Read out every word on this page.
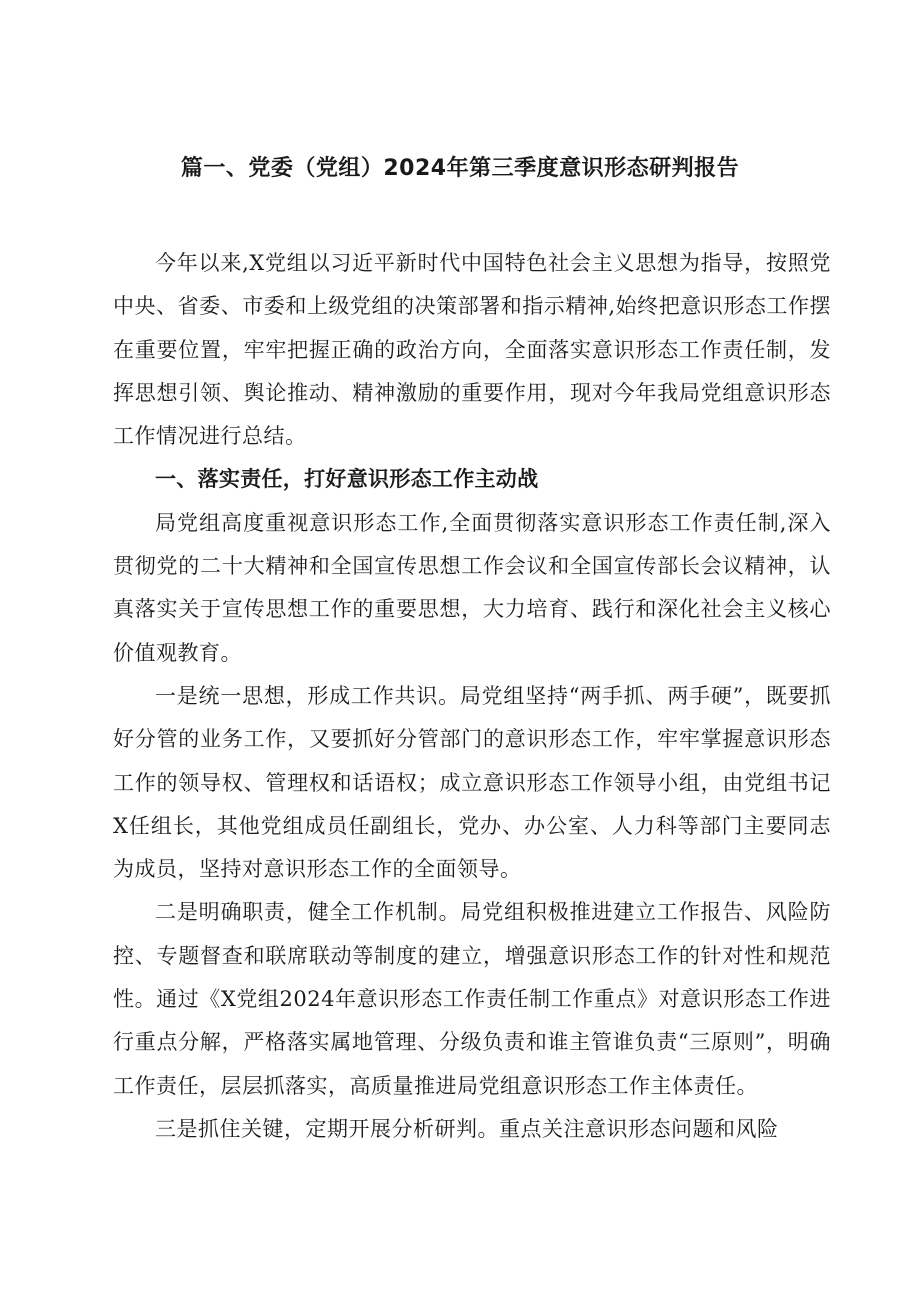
篇一、党委（党组）2024年第三季度意识形态研判报告

今年以来,X党组以习近平新时代中国特色社会主义思想为指导，按照党中央、省委、市委和上级党组的决策部署和指示精神,始终把意识形态工作摆在重要位置，牢牢把握正确的政治方向，全面落实意识形态工作责任制，发挥思想引领、舆论推动、精神激励的重要作用，现对今年我局党组意识形态工作情况进行总结。

一、落实责任，打好意识形态工作主动战

局党组高度重视意识形态工作,全面贯彻落实意识形态工作责任制,深入贯彻党的二十大精神和全国宣传思想工作会议和全国宣传部长会议精神，认真落实关于宣传思想工作的重要思想，大力培育、践行和深化社会主义核心价值观教育。

一是统一思想，形成工作共识。局党组坚持“两手抓、两手硬”，既要抓好分管的业务工作，又要抓好分管部门的意识形态工作，牢牢掌握意识形态工作的领导权、管理权和话语权；成立意识形态工作领导小组，由党组书记X任组长，其他党组成员任副组长，党办、办公室、人力科等部门主要同志为成员，坚持对意识形态工作的全面领导。

二是明确职责，健全工作机制。局党组积极推进建立工作报告、风险防控、专题督查和联席联动等制度的建立，增强意识形态工作的针对性和规范性。通过《X党组2024年意识形态工作责任制工作重点》对意识形态工作进行重点分解，严格落实属地管理、分级负责和谁主管谁负责“三原则”，明确工作责任，层层抓落实，高质量推进局党组意识形态工作主体责任。

三是抓住关键，定期开展分析研判。重点关注意识形态问题和风险
